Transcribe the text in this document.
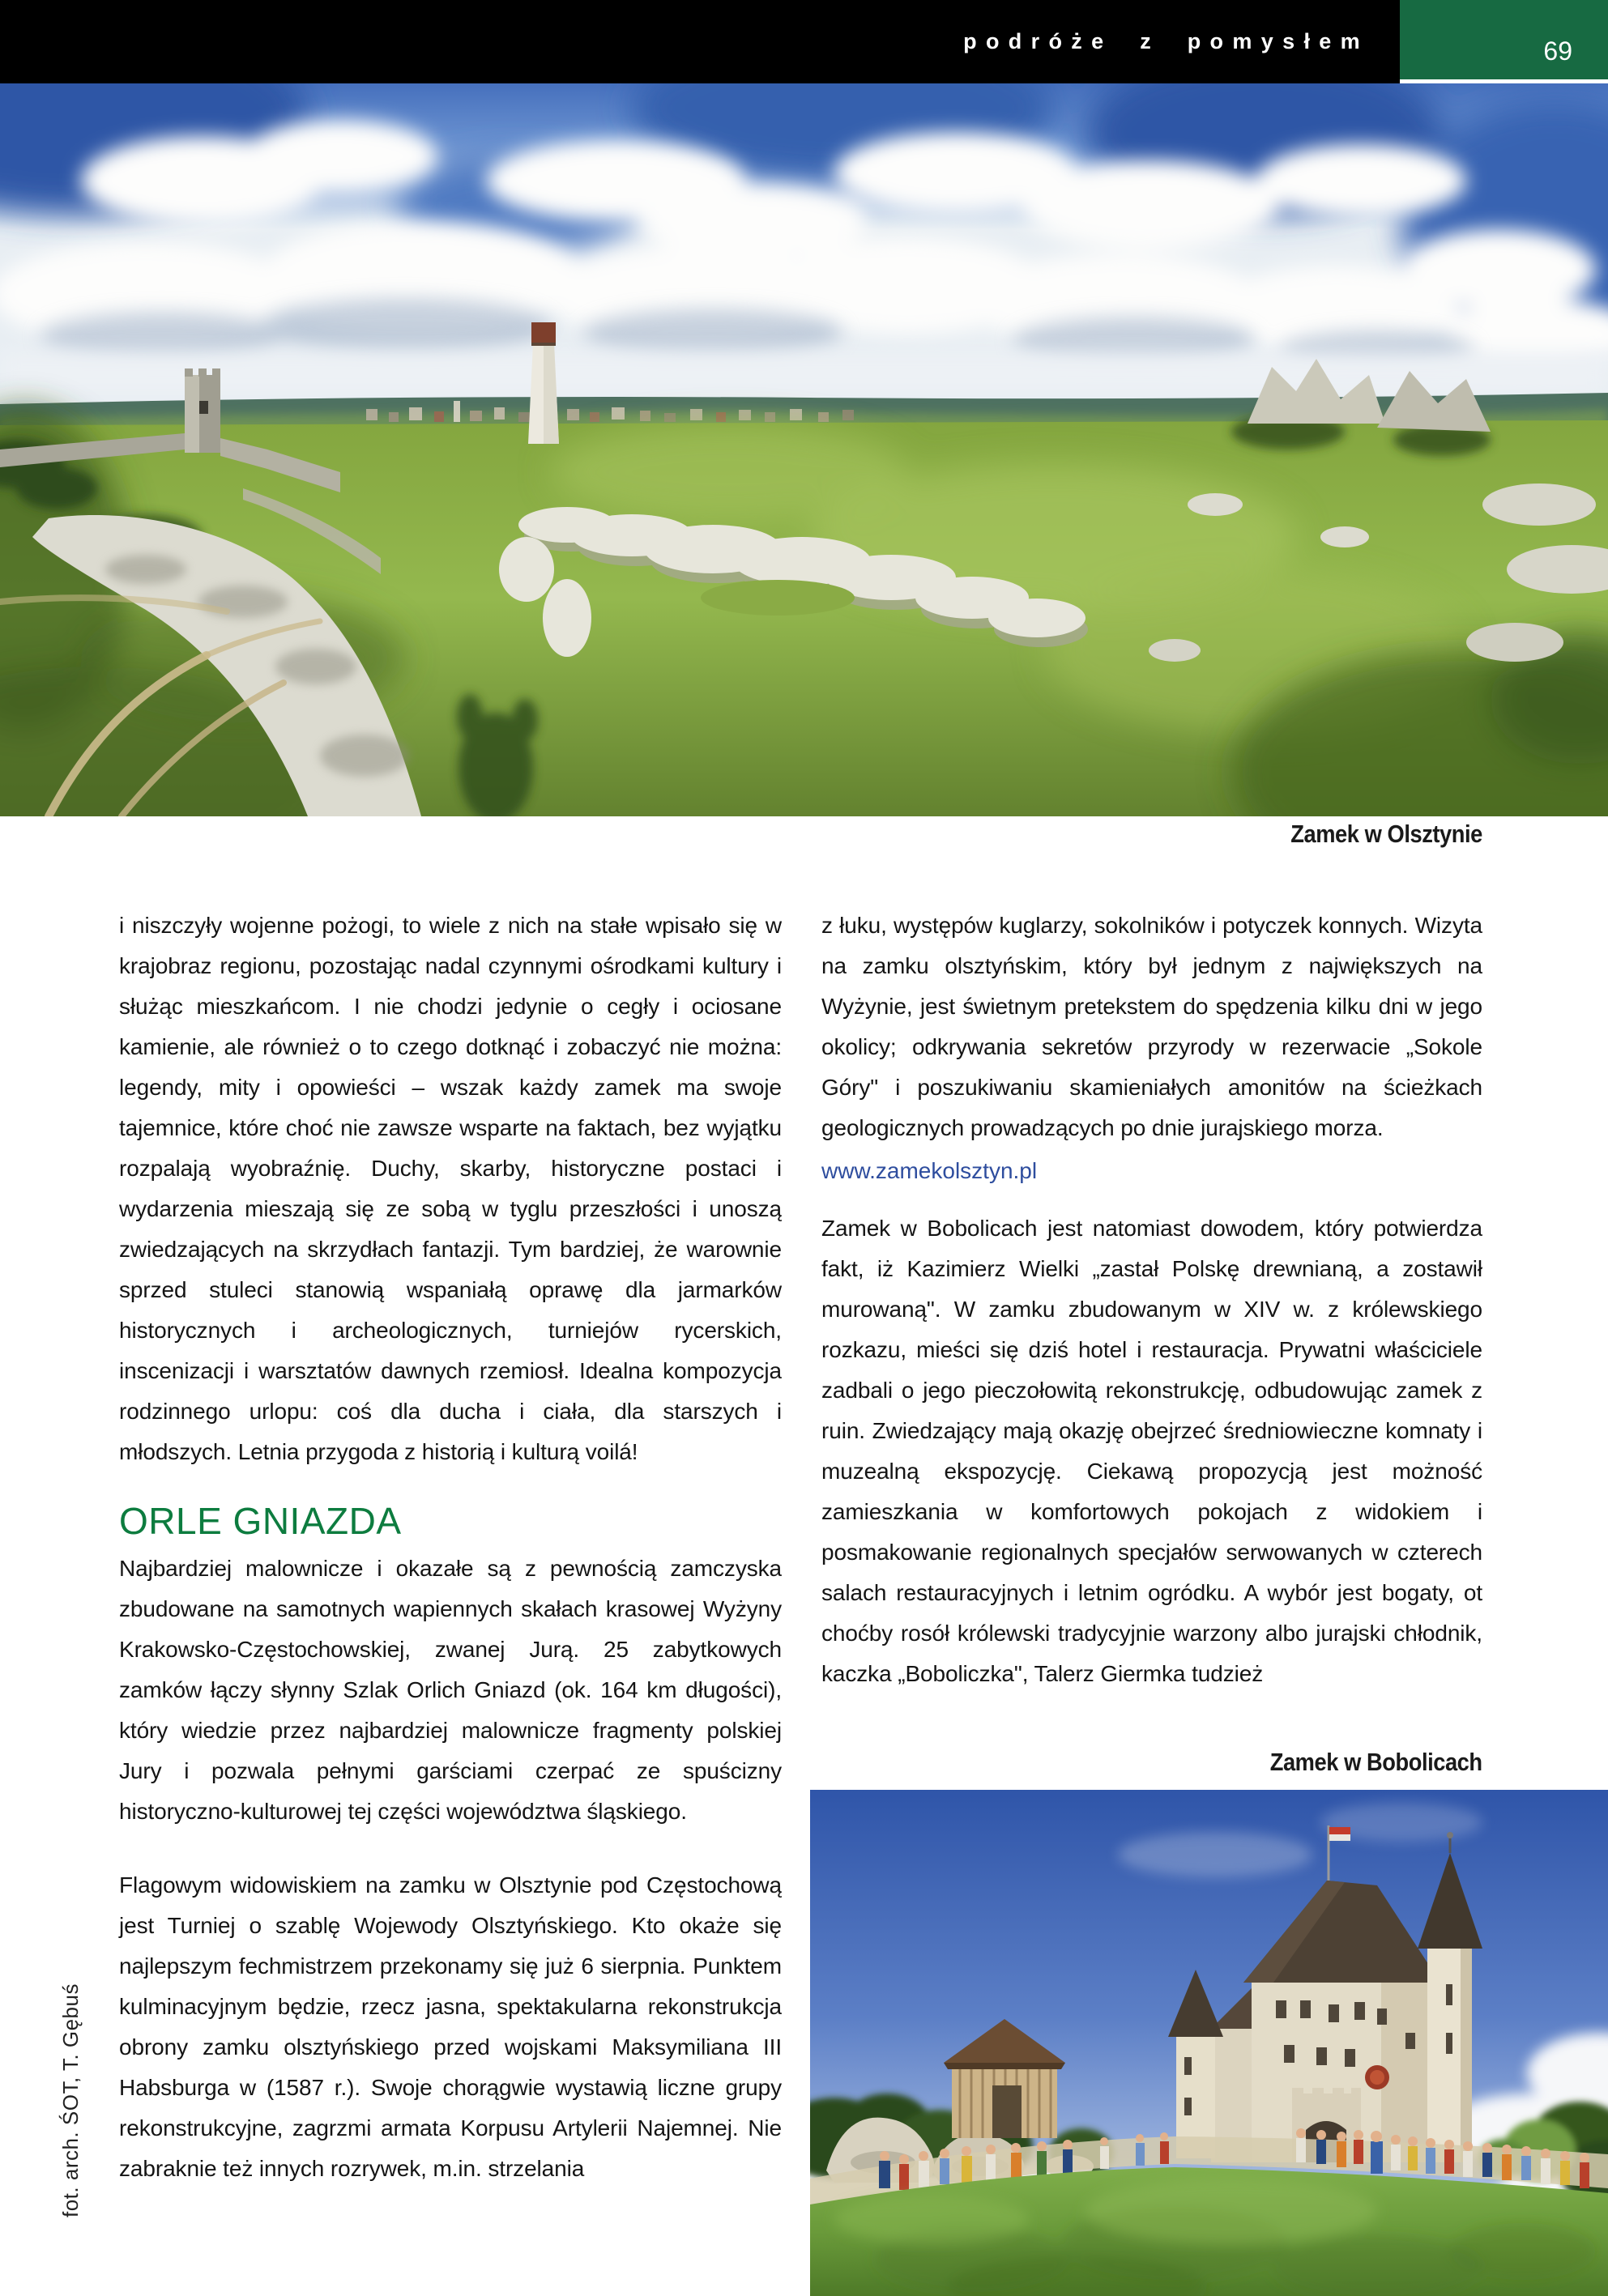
podróże z pomysłem	69
Zamek w Olsztynie

i niszczyły wojenne pożogi, to wiele z nich na stałe wpisało się w krajobraz regionu, pozostając nadal czynnymi ośrodkami kultury i służąc mieszkańcom. I nie chodzi jedynie o cegły i ociosane kamienie, ale również o to czego dotknąć i zobaczyć nie można: legendy, mity i opowieści – wszak każdy zamek ma swoje tajemnice, które choć nie zawsze wsparte na faktach, bez wyjątku rozpalają wyobraźnię. Duchy, skarby, historyczne postaci i wydarzenia mieszają się ze sobą w tyglu przeszłości i unoszą zwiedzających na skrzydłach fantazji. Tym bardziej, że warownie sprzed stuleci stanowią wspaniałą oprawę dla jarmarków historycznych i archeologicznych, turniejów rycerskich, inscenizacji i warsztatów dawnych rzemiosł. Idealna kompozycja rodzinnego urlopu: coś dla ducha i ciała, dla starszych i młodszych. Letnia przygoda z historią i kulturą voilá!

ORLE GNIAZDA

Najbardziej malownicze i okazałe są z pewnością zamczyska zbudowane na samotnych wapiennych skałach krasowej Wyżyny Krakowsko-Częstochowskiej, zwanej Jurą. 25 zabytkowych zamków łączy słynny Szlak Orlich Gniazd (ok. 164 km długości), który wiedzie przez najbardziej malownicze fragmenty polskiej Jury i pozwala pełnymi garściami czerpać ze spuścizny historyczno-kulturowej tej części województwa śląskiego.

Flagowym widowiskiem na zamku w Olsztynie pod Częstochową jest Turniej o szablę Wojewody Olsztyńskiego. Kto okaże się najlepszym fechmistrzem przekonamy się już 6 sierpnia. Punktem kulminacyjnym będzie, rzecz jasna, spektakularna rekonstrukcja obrony zamku olsztyńskiego przed wojskami Maksymiliana III Habsburga w (1587 r.). Swoje chorągwie wystawią liczne grupy rekonstrukcyjne, zagrzmi armata Korpusu Artylerii Najemnej. Nie zabraknie też innych rozrywek, m.in. strzelania

z łuku, występów kuglarzy, sokolników i potyczek konnych. Wizyta na zamku olsztyńskim, który był jednym z największych na Wyżynie, jest świetnym pretekstem do spędzenia kilku dni w jego okolicy; odkrywania sekretów przyrody w rezerwacie „Sokole Góry" i poszukiwaniu skamieniałych amonitów na ścieżkach geologicznych prowadzących po dnie jurajskiego morza.

www.zamekolsztyn.pl

Zamek w Bobolicach jest natomiast dowodem, który potwierdza fakt, iż Kazimierz Wielki „zastał Polskę drewnianą, a zostawił murowaną". W zamku zbudowanym w XIV w. z królewskiego rozkazu, mieści się dziś hotel i restauracja. Prywatni właściciele zadbali o jego pieczołowitą rekonstrukcję, odbudowując zamek z ruin. Zwiedzający mają okazję obejrzeć średniowieczne komnaty i muzealną ekspozycję. Ciekawą propozycją jest możność zamieszkania w komfortowych pokojach z widokiem i posmakowanie regionalnych specjałów serwowanych w czterech salach restauracyjnych i letnim ogródku. A wybór jest bogaty, ot choćby rosół królewski tradycyjnie warzony albo jurajski chłodnik, kaczka „Boboliczka", Talerz Giermka tudzież

Zamek w Bobolicach
fot. arch. ŚOT, T. Gębuś
